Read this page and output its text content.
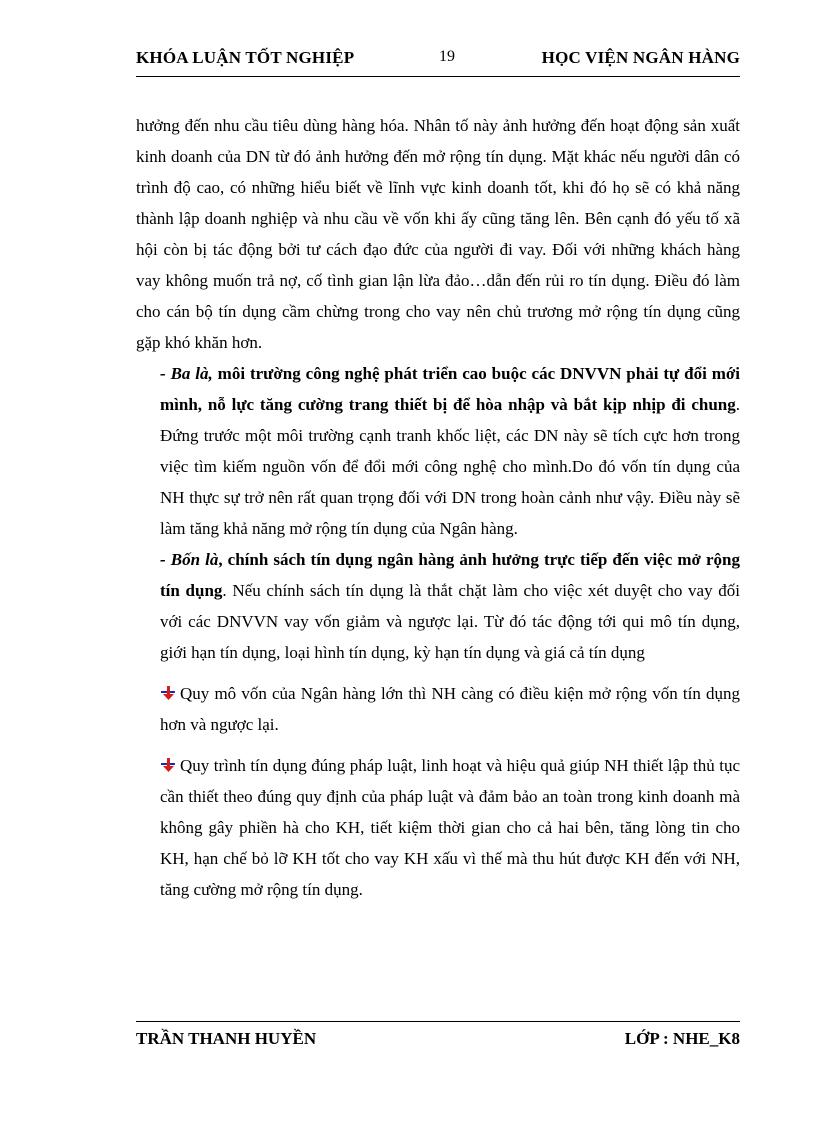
KHÓA LUẬN TỐT NGHIỆP	19	HỌC VIỆN NGÂN HÀNG

hưởng đến nhu cầu tiêu dùng hàng hóa. Nhân tố này ảnh hưởng đến hoạt động sản xuất kinh doanh của DN từ đó ảnh hưởng đến mở rộng tín dụng. Mặt khác nếu người dân có trình độ cao, có những hiểu biết về lĩnh vực kinh doanh tốt, khi đó họ sẽ có khả năng thành lập doanh nghiệp và nhu cầu về vốn khi ấy cũng tăng lên. Bên cạnh đó yếu tố xã hội còn bị tác động bởi tư cách đạo đức của người đi vay. Đối với những khách hàng vay không muốn trả nợ, cố tình gian lận lừa đảo…dẫn đến rủi ro tín dụng. Điều đó làm cho cán bộ tín dụng cầm chừng trong cho vay nên chủ trương mở rộng tín dụng cũng gặp khó khăn hơn.

- Ba là, môi trường công nghệ phát triển cao buộc các DNVVN phải tự đổi mới mình, nỗ lực tăng cường trang thiết bị để hòa nhập và bắt kịp nhịp đi chung. Đứng trước một môi trường cạnh tranh khốc liệt, các DN này sẽ tích cực hơn trong việc tìm kiếm nguồn vốn để đổi mới công nghệ cho mình.Do đó vốn tín dụng của NH thực sự trở nên rất quan trọng đối với DN trong hoàn cảnh như vậy. Điều này sẽ làm tăng khả năng mở rộng tín dụng của Ngân hàng.

- Bốn là, chính sách tín dụng ngân hàng ảnh hưởng trực tiếp đến việc mở rộng tín dụng. Nếu chính sách tín dụng là thắt chặt làm cho việc xét duyệt cho vay đối với các DNVVN vay vốn giảm và ngược lại. Từ đó tác động tới qui mô tín dụng, giới hạn tín dụng, loại hình tín dụng, kỳ hạn tín dụng và giá cả tín dụng

Quy mô vốn của Ngân hàng lớn thì NH càng có điều kiện mở rộng vốn tín dụng hơn và ngược lại.

Quy trình tín dụng đúng pháp luật, linh hoạt và hiệu quả giúp NH thiết lập thủ tục cần thiết theo đúng quy định của pháp luật và đảm bảo an toàn trong kinh doanh mà không gây phiền hà cho KH, tiết kiệm thời gian cho cả hai bên, tăng lòng tin cho KH, hạn chế bỏ lỡ KH tốt cho vay KH xấu vì thế mà thu hút được KH đến với NH, tăng cường mở rộng tín dụng.

TRẦN THANH HUYỀN	LỚP : NHE_K8
